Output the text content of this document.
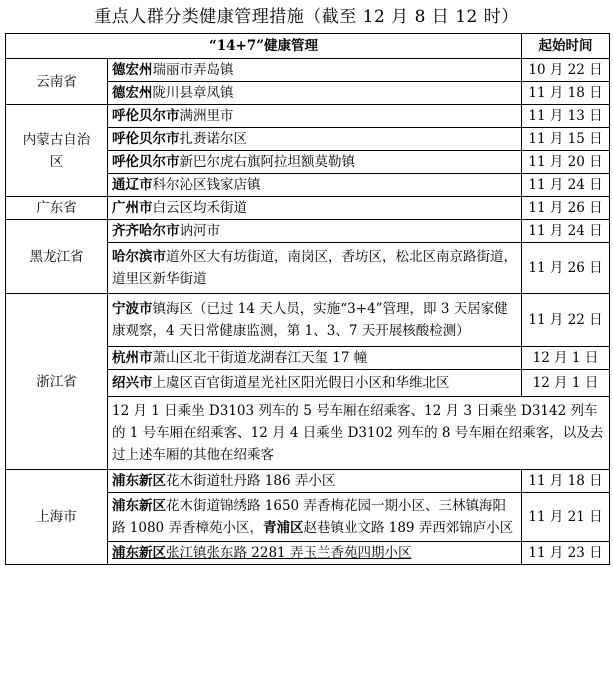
重点人群分类健康管理措施（截至 12 月 8 日 12 时）
“14+7”健康管理		起始时间
云南省	德宏州瑞丽市弄岛镇	10 月 22 日
	德宏州陇川县章凤镇	11 月 18 日
内蒙古自治区	呼伦贝尔市满洲里市	11 月 13 日
	呼伦贝尔市扎赉诺尔区	11 月 15 日
	呼伦贝尔市新巴尔虎右旗阿拉坦额莫勒镇	11 月 20 日
	通辽市科尔沁区钱家店镇	11 月 24 日
广东省	广州市白云区均禾街道	11 月 26 日
黑龙江省	齐齐哈尔市讷河市	11 月 24 日
	哈尔滨市道外区大有坊街道，南岗区，香坊区，松北区南京路街道，道里区新华街道	11 月 26 日
浙江省	宁波市镇海区（已过 14 天人员，实施“3+4”管理，即 3 天居家健康观察，4 天日常健康监测，第 1、3、7 天开展核酸检测）	11 月 22 日
	杭州市萧山区北干街道龙湖春江天玺 17 幢	12 月 1 日
	绍兴市上虞区百官街道星光社区阳光假日小区和华维北区	12 月 1 日
	12 月 1 日乘坐 D3103 列车的 5 号车厢在绍乘客、12 月 3 日乘坐 D3142 列车的 1 号车厢在绍乘客、12 月 4 日乘坐 D3102 列车的 8 号车厢在绍乘客，以及去过上述车厢的其他在绍乘客	
上海市	浦东新区花木街道牡丹路 186 弄小区	11 月 18 日
	浦东新区花木街道锦绣路 1650 弄香梅花园一期小区、三林镇海阳路 1080 弄香樟苑小区，青浦区赵巷镇业文路 189 弄西郊锦庐小区	11 月 21 日
	浦东新区张江镇张东路 2281 弄玉兰香苑四期小区	11 月 23 日
